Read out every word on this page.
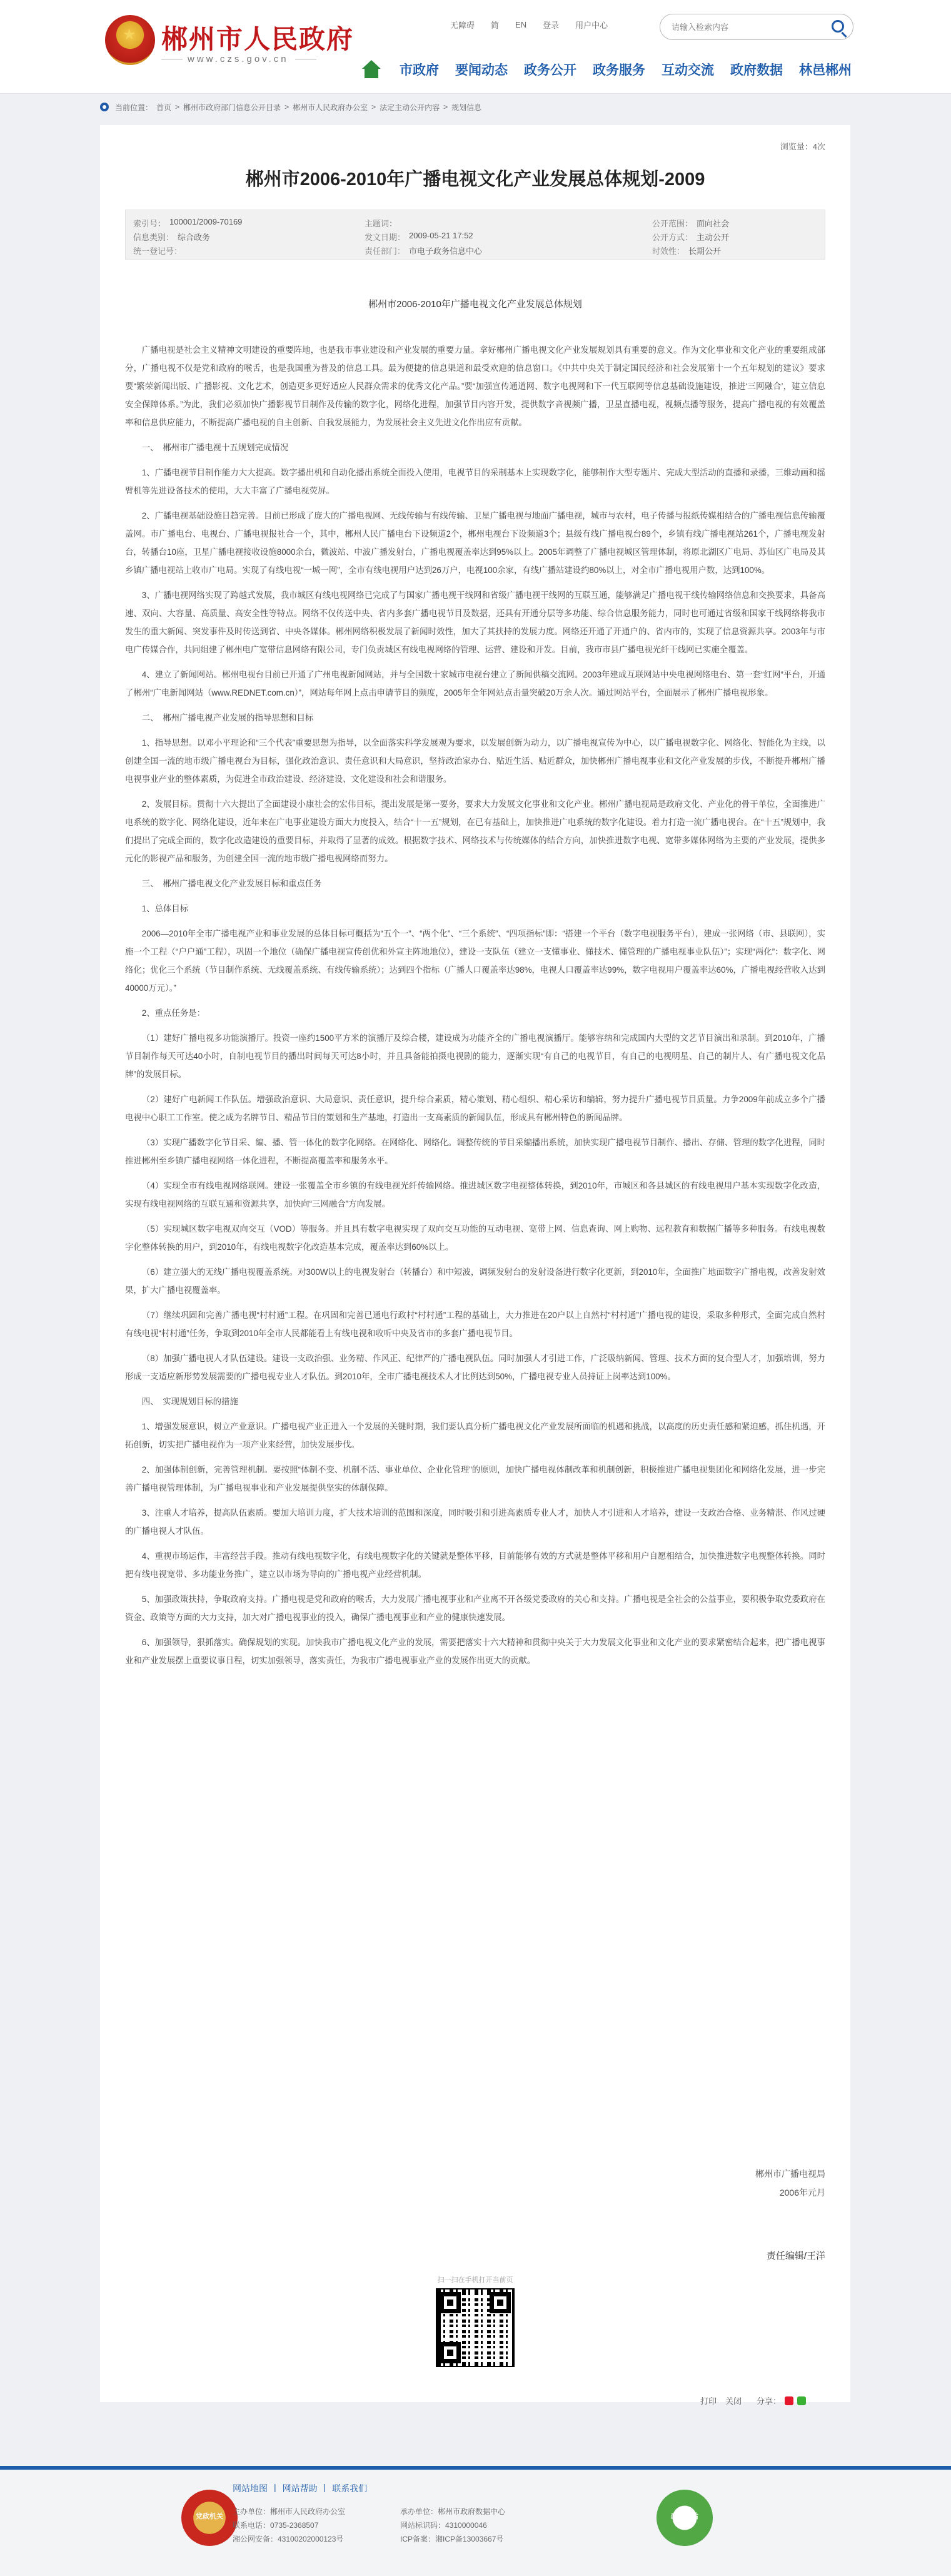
★ 郴州市人民政府
www.czs.gov.cn
无障碍 简 EN 登录 用户中心
请输入检索内容
市政府 要闻动态 政务公开 政务服务 互动交流 政府数据 林邑郴州
当前位置： 首页 > 郴州市政府部门信息公开目录 > 郴州市人民政府办公室 > 法定主动公开内容 > 规划信息
浏览量：4次
郴州市2006-2010年广播电视文化产业发展总体规划-2009
索引号： 100001/2009-70169	主题词：	公开范围： 面向社会
信息类别： 综合政务	发文日期： 2009-05-21 17:52	公开方式： 主动公开
统一登记号：	责任部门： 市电子政务信息中心	时效性： 长期公开
郴州市2006-2010年广播电视文化产业发展总体规划

广播电视是社会主义精神文明建设的重要阵地，也是我市事业建设和产业发展的重要力量。拿好郴州广播电视文化产业发展规划具有重要的意义。作为文化事业和文化产业的重要组成部分，广播电视不仅是党和政府的喉舌，也是我国重为普及的信息工具。最为便捷的信息渠道和最受欢迎的信息窗口。《中共中央关于制定国民经济和社会发展第十一个五年规划的建议》要求要“繁荣新闻出版、广播影视、文化艺术，创造更多更好适应人民群众需求的优秀文化产品。”要“加强宣传通道网、数字电视网和下一代互联网等信息基础设施建设，推进‘三网融合’，建立信息安全保障体系。”为此，我们必须加快广播影视节目制作及传输的数字化，网络化进程，加强节目内容开发，提供数字音视频广播，卫星直播电视，视频点播等服务，提高广播电视的有效覆盖率和信息供应能力，不断提高广播电视的自主创新、自我发展能力，为发展社会主义先进文化作出应有贡献。

一、　郴州市广播电视十五规划完成情况

1、广播电视节目制作能力大大提高。数字播出机和自动化播出系统全面投入使用，电视节目的采制基本上实现数字化，能够制作大型专题片、完成大型活动的直播和录播，三维动画和摇臂机等先进设备技术的使用，大大丰富了广播电视荧屏。

2、广播电视基础设施日趋完善。目前已形成了庞大的广播电视网、无线传输与有线传输、卫星广播电视与地面广播电视，城市与农村，电子传播与报纸传媒相结合的广播电视信息传输覆盖网。市广播电台、电视台、广播电视报社合一个，其中，郴州人民广播电台下设频道2个，郴州电视台下设频道3个；县级有线广播电视台89个，乡镇有线广播电视站261个，广播电视发射台，转播台10座，卫星广播电视接收设施8000余台，微波站、中波广播发射台，广播电视覆盖率达到95%以上。2005年调整了广播电视城区管理体制，将原北湖区广电局、苏仙区广电局及其乡镇广播电视站上收市广电局。实现了有线电视“一城一网”，全市有线电视用户达到26万户，电视100余家，有线广播站建设约80%以上，对全市广播电视用户数，达到100%。

3、广播电视网络实现了跨越式发展，我市城区有线电视网络已完成了与国家广播电视干线网和省级广播电视干线网的互联互通，能够满足广播电视干线传输网络信息和交换要求，具备高速、双向、大容量、高质量、高安全性等特点。网络不仅传送中央、省内多套广播电视节目及数据，还具有开通分层等多功能、综合信息服务能力，同时也可通过省级和国家干线网络将我市发生的重大新闻、突发事件及时传送到省、中央各媒体。郴州网络积极发展了新闻时效性，加大了其扶持的发展力度。网络还开通了开通户的、省内市的，实现了信息资源共享。2003年与市电广传媒合作，共同组建了郴州电广宽带信息网络有限公司，专门负责城区有线电视网络的管理、运营、建设和开发。目前，我市市县广播电视光纤干线网已实施全覆盖。

4、建立了新闻网站。郴州电视台目前已开通了广州电视新闻网站，并与全国数十家城市电视台建立了新闻供稿交流网。2003年建成互联网站中央电视网络电台、第一套“红网”平台，开通了郴州“广电新闻网站（www.REDNET.com.cn）”，网站每年网上点击申请节目的频度，2005年全年网站点击量突破20万余人次。通过网站平台，全面展示了郴州广播电视形象。

二、　郴州广播电视产业发展的指导思想和目标

1、指导思想。以邓小平理论和“三个代表”重要思想为指导，以全面落实科学发展观为要求，以发展创新为动力，以广播电视宣传为中心，以广播电视数字化、网络化、智能化为主线，以创建全国一流的地市级广播电视台为目标，强化政治意识、责任意识和大局意识，坚持政治家办台、贴近生活、贴近群众，加快郴州广播电视事业和文化产业发展的步伐，不断提升郴州广播电视事业产业的整体素质，为促进全市政治建设、经济建设、文化建设和社会和谐服务。

2、发展目标。贯彻十六大提出了全面建设小康社会的宏伟目标，提出发展是第一要务，要求大力发展文化事业和文化产业。郴州广播电视局是政府文化、产业化的骨干单位，全面推进广电系统的数字化、网络化建设，近年来在广电事业建设方面大力度投入，结合“十一五”规划，在已有基础上，加快推进广电系统的数字化建设。着力打造一流广播电视台。在“十五”规划中，我们提出了完成全面的，数字化改造建设的重要目标，并取得了显著的成效。根据数字技术、网络技术与传统媒体的结合方向，加快推进数字电视、宽带多媒体网络为主要的产业发展，提供多元化的影视产品和服务，为创建全国一流的地市级广播电视网络而努力。

三、　郴州广播电视文化产业发展目标和重点任务

1、总体目标

2006—2010年全市广播电视产业和事业发展的总体目标可概括为“五个一”、“两个化”、“三个系统”、“四项指标”即：“搭建一个平台（数字电视服务平台），建成一张网络（市、县联网），实施一个工程（“户户通”工程），巩固一个地位（确保广播电视宣传创优和外宣主阵地地位），建设一支队伍（建立一支懂事业、懂技术、懂管理的广播电视事业队伍）”；实现“两化”：数字化、网络化；优化三个系统（节目制作系统、无线覆盖系统、有线传输系统）；达到四个指标（广播人口覆盖率达98%，电视人口覆盖率达99%，数字电视用户覆盖率达60%，广播电视经营收入达到40000万元）。”

2、重点任务是：

（1）建好广播电视多功能演播厅。投资一座约1500平方米的演播厅及综合楼，建设成为功能齐全的广播电视演播厅。能够容纳和完成国内大型的文艺节目演出和录制。到2010年，广播节目制作每天可达40小时，自制电视节目的播出时间每天可达8小时，并且具备能拍摄电视剧的能力，逐渐实现“有自己的电视节目，有自己的电视明星、自己的制片人、有广播电视文化品牌”的发展目标。

（2）建好广电新闻工作队伍。增强政治意识、大局意识、责任意识，提升综合素质，精心策划、精心组织、精心采访和编辑，努力提升广播电视节目质量。力争2009年前成立多个广播电视中心职工工作室。使之成为名牌节目、精品节目的策划和生产基地，打造出一支高素质的新闻队伍，形成具有郴州特色的新闻品牌。

（3）实现广播数字化节目采、编、播、管一体化的数字化网络。在网络化、网络化。调整传统的节目采编播出系统，加快实现广播电视节目制作、播出、存储、管理的数字化进程，同时推进郴州至乡镇广播电视网络一体化进程，不断提高覆盖率和服务水平。

（4）实现全市有线电视网络联网。建设一张覆盖全市乡镇的有线电视光纤传输网络。推进城区数字电视整体转换，到2010年，市城区和各县城区的有线电视用户基本实现数字化改造，实现有线电视网络的互联互通和资源共享，加快向“三网融合”方向发展。

（5）实现城区数字电视双向交互（VOD）等服务。并且具有数字电视实现了双向交互功能的互动电视、宽带上网、信息查询、网上购物、远程教育和数据广播等多种服务。有线电视数字化整体转换的用户，到2010年，有线电视数字化改造基本完成，覆盖率达到60%以上。

（6）建立强大的无线广播电视覆盖系统。对300W以上的电视发射台（转播台）和中短波，调频发射台的发射设备进行数字化更新，到2010年，全面推广地面数字广播电视，改善发射效果，扩大广播电视覆盖率。

（7）继续巩固和完善广播电视“村村通”工程。在巩固和完善已通电行政村“村村通”工程的基础上，大力推进在20户以上自然村“村村通”广播电视的建设，采取多种形式，全面完成自然村有线电视“村村通”任务，争取到2010年全市人民都能看上有线电视和收听中央及省市的多套广播电视节目。

（8）加强广播电视人才队伍建设。建设一支政治强、业务精、作风正、纪律严的广播电视队伍。同时加强人才引进工作，广泛吸纳新闻、管理、技术方面的复合型人才，加强培训，努力形成一支适应新形势发展需要的广播电视专业人才队伍。到2010年，全市广播电视技术人才比例达到50%，广播电视专业人员持证上岗率达到100%。

四、　实现规划目标的措施

1、增强发展意识，树立产业意识。广播电视产业正进入一个发展的关键时期，我们要认真分析广播电视文化产业发展所面临的机遇和挑战，以高度的历史责任感和紧迫感，抓住机遇，开拓创新，切实把广播电视作为一项产业来经营，加快发展步伐。

2、加强体制创新，完善管理机制。要按照“体制不变、机制不活、事业单位、企业化管理”的原则，加快广播电视体制改革和机制创新，积极推进广播电视集团化和网络化发展，进一步完善广播电视管理体制，为广播电视事业和产业发展提供坚实的体制保障。

3、注重人才培养，提高队伍素质。要加大培训力度，扩大技术培训的范围和深度，同时吸引和引进高素质专业人才，加快人才引进和人才培养，建设一支政治合格、业务精湛、作风过硬的广播电视人才队伍。

4、重视市场运作，丰富经营手段。推动有线电视数字化，有线电视数字化的关键就是整体平移，目前能够有效的方式就是整体平移和用户自愿相结合，加快推进数字电视整体转换。同时把有线电视宽带、多功能业务推广，建立以市场为导向的广播电视产业经营机制。

5、加强政策扶持，争取政府支持。广播电视是党和政府的喉舌，大力发展广播电视事业和产业离不开各级党委政府的关心和支持。广播电视是全社会的公益事业，要积极争取党委政府在资金、政策等方面的大力支持，加大对广播电视事业的投入，确保广播电视事业和产业的健康快速发展。

6、加强领导，狠抓落实。确保规划的实现。加快我市广播电视文化产业的发展，需要把落实十六大精神和贯彻中央关于大力发展文化事业和文化产业的要求紧密结合起来，把广播电视事业和产业发展摆上重要议事日程，切实加强领导，落实责任，为我市广播电视事业产业的发展作出更大的贡献。

郴州市广播电视局
2006年元月
责任编辑/王洋
扫一扫在手机打开当前页
打印 关闭 分享：
党政机关
网站地图 | 网站帮助 | 联系我们
主办单位：郴州市人民政府办公室
联系电话：0735-2368507
湘公网安备：43100202000123号
承办单位：郴州市政府数据中心
网站标识码：4310000046
ICP备案：湘ICP备13003667号
政府网站
